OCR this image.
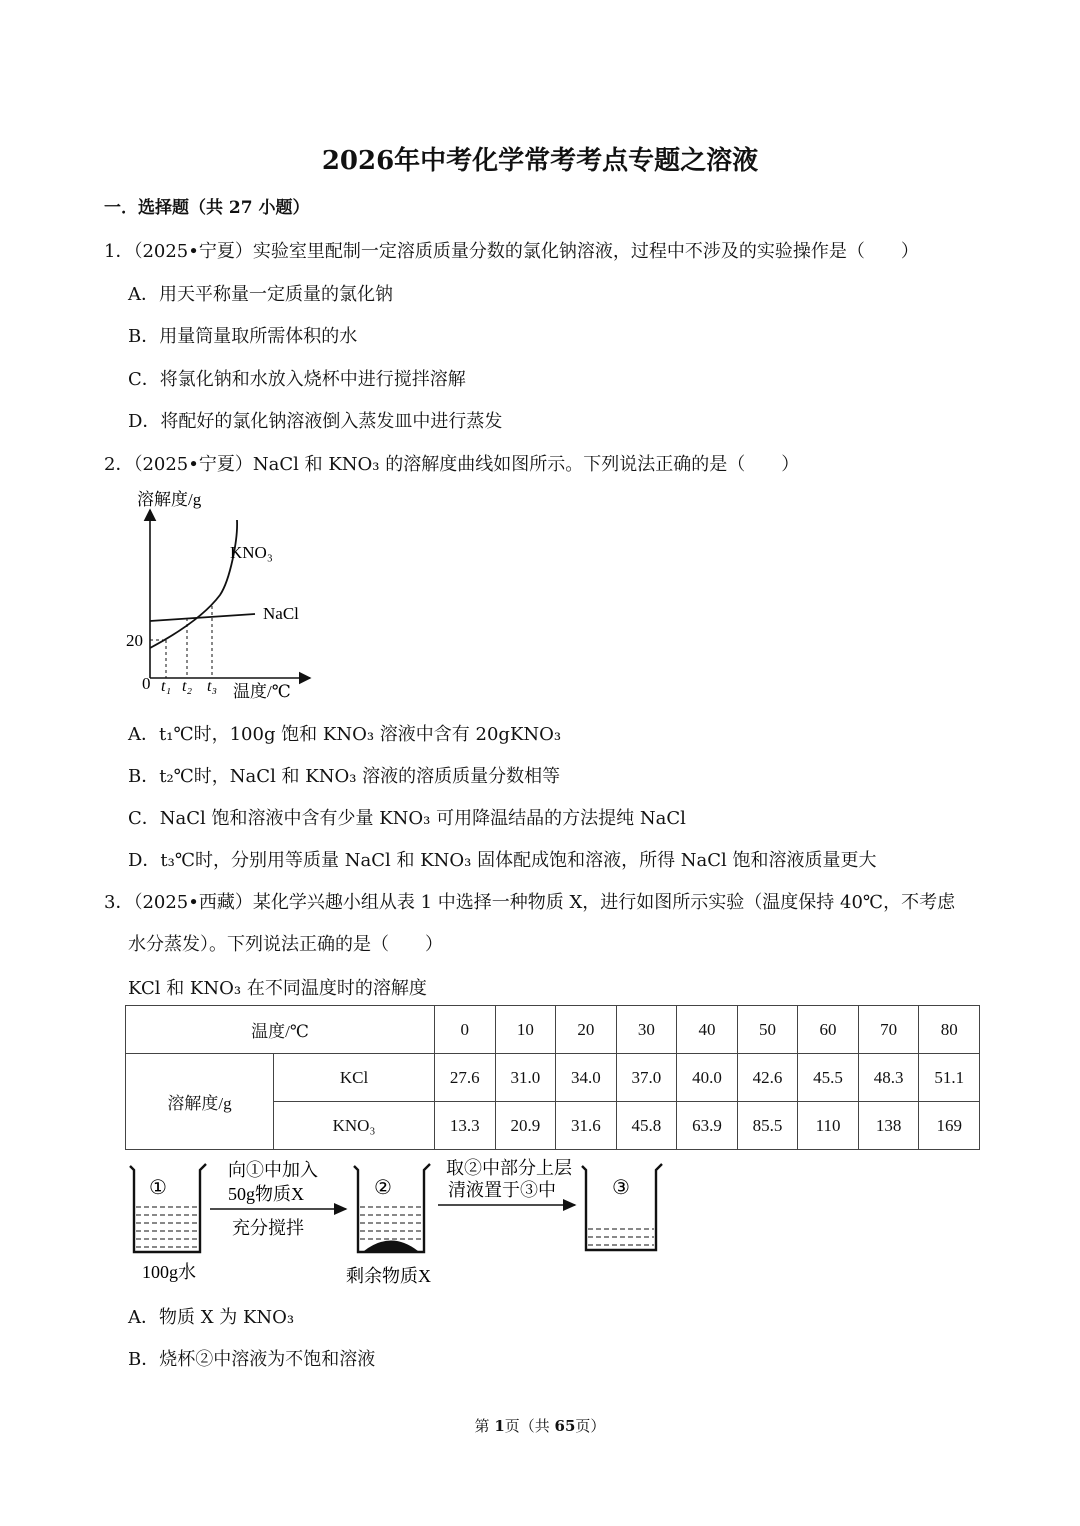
2026年中考化学常考考点专题之溶液
一．选择题（共 27 小题）
1．（2025•宁夏）实验室里配制一定溶质质量分数的氯化钠溶液，过程中不涉及的实验操作是（　　）
A．用天平称量一定质量的氯化钠
B．用量筒量取所需体积的水
C．将氯化钠和水放入烧杯中进行搅拌溶解
D．将配好的氯化钠溶液倒入蒸发皿中进行蒸发
2．（2025•宁夏）NaCl 和 KNO₃ 的溶解度曲线如图所示。下列说法正确的是（　　）
溶解度/g
20
0 t₁ t₂ t₃ 温度/℃
KNO₃
NaCl
A．t₁℃时，100g 饱和 KNO₃ 溶液中含有 20gKNO₃
B．t₂℃时，NaCl 和 KNO₃ 溶液的溶质质量分数相等
C．NaCl 饱和溶液中含有少量 KNO₃ 可用降温结晶的方法提纯 NaCl
D．t₃℃时，分别用等质量 NaCl 和 KNO₃ 固体配成饱和溶液，所得 NaCl 饱和溶液质量更大
3．（2025•西藏）某化学兴趣小组从表 1 中选择一种物质 X，进行如图所示实验（温度保持 40℃，不考虑
水分蒸发）。下列说法正确的是（　　）
KCl 和 KNO₃ 在不同温度时的溶解度
温度/℃		0	10	20	30	40	50	60	70	80
溶解度/g	KCl	27.6	31.0	34.0	37.0	40.0	42.6	45.5	48.3	51.1
	KNO₃	13.3	20.9	31.6	45.8	63.9	85.5	110	138	169
①
100g水
向①中加入
50g物质X
充分搅拌
②
剩余物质X
取②中部分上层
清液置于③中	③
A．物质 X 为 KNO₃
B．烧杯②中溶液为不饱和溶液
第 1页（共 65页）
